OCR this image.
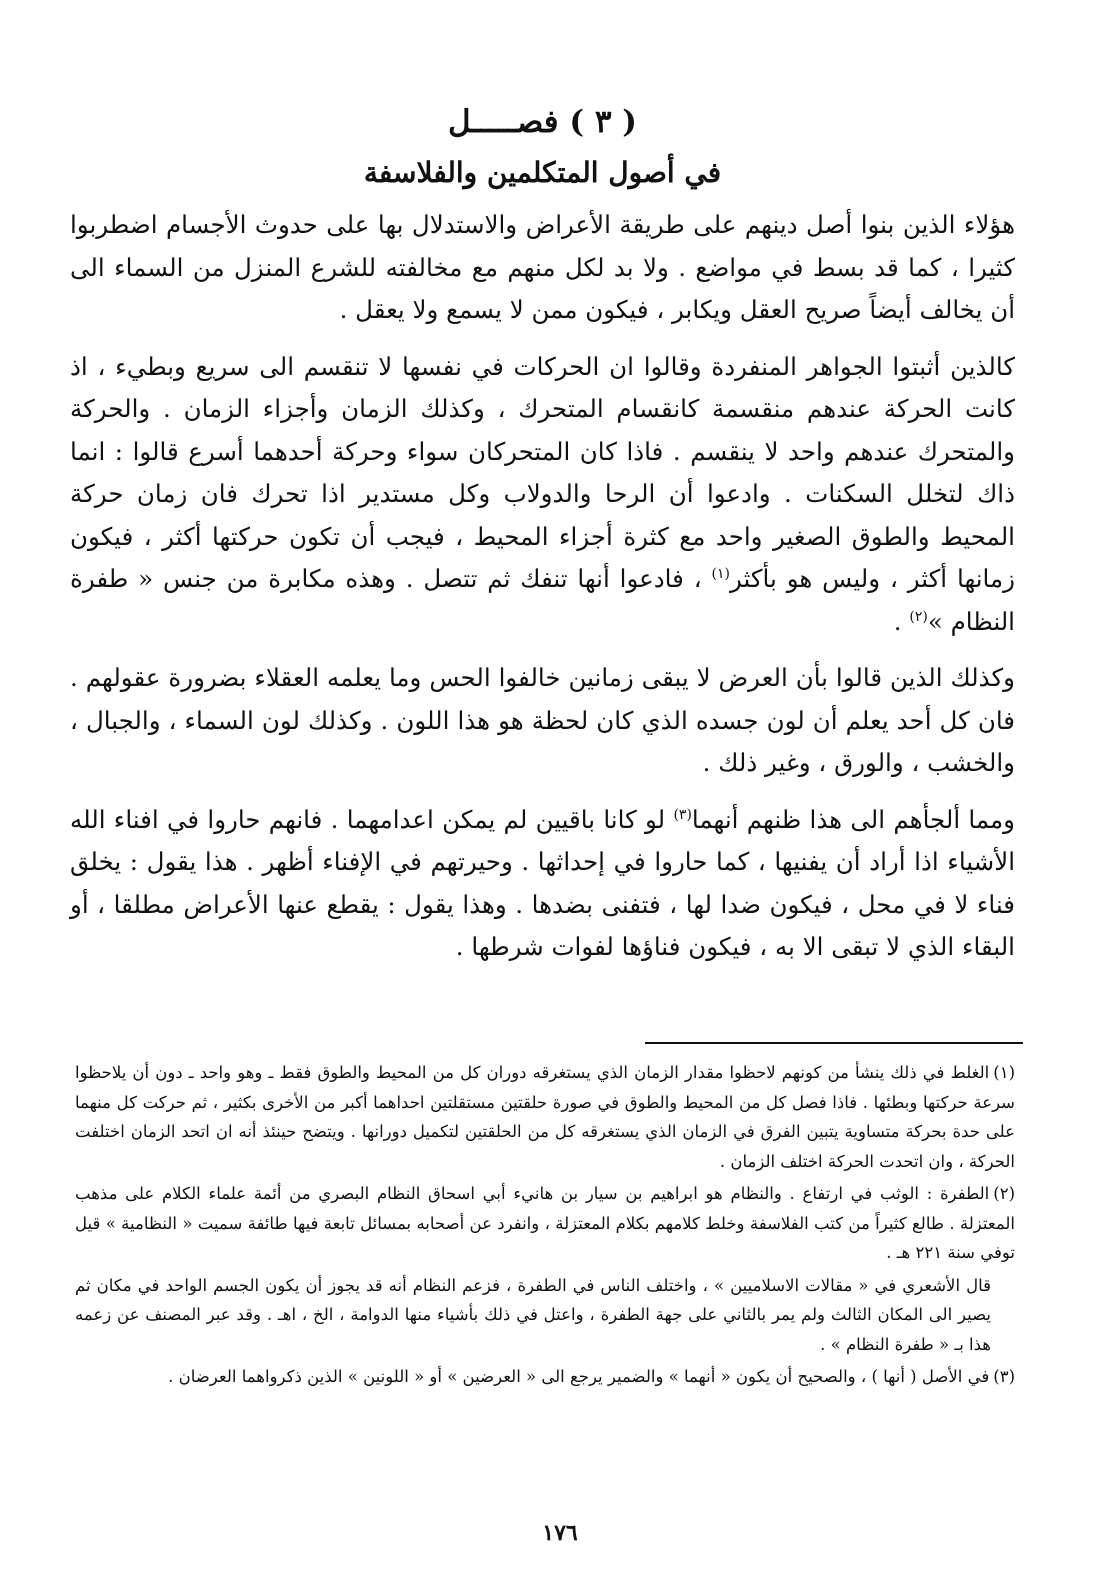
( ٣ ) فصـــــل
في أصول المتكلمين والفلاسفة

هؤلاء الذين بنوا أصل دينهم على طريقة الأعراض والاستدلال بها على حدوث الأجسام اضطربوا كثيرا ، كما قد بسط في مواضع . ولا بد لكل منهم مع مخالفته للشرع المنزل من السماء الى أن يخالف أيضاً صريح العقل ويكابر ، فيكون ممن لا يسمع ولا يعقل .

كالذين أثبتوا الجواهر المنفردة وقالوا ان الحركات في نفسها لا تنقسم الى سريع وبطيء ، اذ كانت الحركة عندهم منقسمة كانقسام المتحرك ، وكذلك الزمان وأجزاء الزمان . والحركة والمتحرك عندهم واحد لا ينقسم . فاذا كان المتحركان سواء وحركة أحدهما أسرع قالوا : انما ذاك لتخلل السكنات . وادعوا أن الرحا والدولاب وكل مستدير اذا تحرك فان زمان حركة المحيط والطوق الصغير واحد مع كثرة أجزاء المحيط ، فيجب أن تكون حركتها أكثر ، فيكون زمانها أكثر ، وليس هو بأكثر$^{(١)}$ ، فادعوا أنها تنفك ثم تتصل . وهذه مكابرة من جنس « طفرة النظام »$^{(٢)}$ .

وكذلك الذين قالوا بأن العرض لا يبقى زمانين خالفوا الحس وما يعلمه العقلاء بضرورة عقولهم . فان كل أحد يعلم أن لون جسده الذي كان لحظة هو هذا اللون . وكذلك لون السماء ، والجبال ، والخشب ، والورق ، وغير ذلك .

ومما ألجأهم الى هذا ظنهم أنهما$^{(٣)}$ لو كانا باقيين لم يمكن اعدامهما . فانهم حاروا في افناء الله الأشياء اذا أراد أن يفنيها ، كما حاروا في إحداثها . وحيرتهم في الإفناء أظهر . هذا يقول : يخلق فناء لا في محل ، فيكون ضدا لها ، فتفنى بضدها . وهذا يقول : يقطع عنها الأعراض مطلقا ، أو البقاء الذي لا تبقى الا به ، فيكون فناؤها لفوات شرطها .

(١)الغلط في ذلك ينشأ من كونهم لاحظوا مقدار الزمان الذي يستغرقه دوران كل من المحيط والطوق فقط ـ وهو واحد ـ دون أن يلاحظوا سرعة حركتها وبطئها . فاذا فصل كل من المحيط والطوق في صورة حلقتين مستقلتين احداهما أكبر من الأخرى بكثير ، ثم حركت كل منهما على حدة بحركة متساوية يتبين الفرق في الزمان الذي يستغرقه كل من الحلقتين لتكميل دورانها . ويتضح حينئذ أنه ان اتحد الزمان اختلفت الحركة ، وان اتحدت الحركة اختلف الزمان .

(٢)الطفرة : الوثب في ارتفاع . والنظام هو ابراهيم بن سيار بن هانيء أبي اسحاق النظام البصري من أئمة علماء الكلام على مذهب المعتزلة . طالع كثيراً من كتب الفلاسفة وخلط كلامهم بكلام المعتزلة ، وانفرد عن أصحابه بمسائل تابعة فيها طائفة سميت « النظامية » قيل توفي سنة ٢٢١ هـ .

قال الأشعري في « مقالات الاسلاميين » ، واختلف الناس في الطفرة ، فزعم النظام أنه قد يجوز أن يكون الجسم الواحد في مكان ثم يصير الى المكان الثالث ولم يمر بالثاني على جهة الطفرة ، واعتل في ذلك بأشياء منها الدوامة ، الخ ، اهـ . وقد عبر المصنف عن زعمه هذا بـ « طفرة النظام » .

(٣)في الأصل ( أنها ) ، والصحيح أن يكون « أنهما » والضمير يرجع الى « العرضين » أو « اللونين » الذين ذكرواهما العرضان .

١٧٦
